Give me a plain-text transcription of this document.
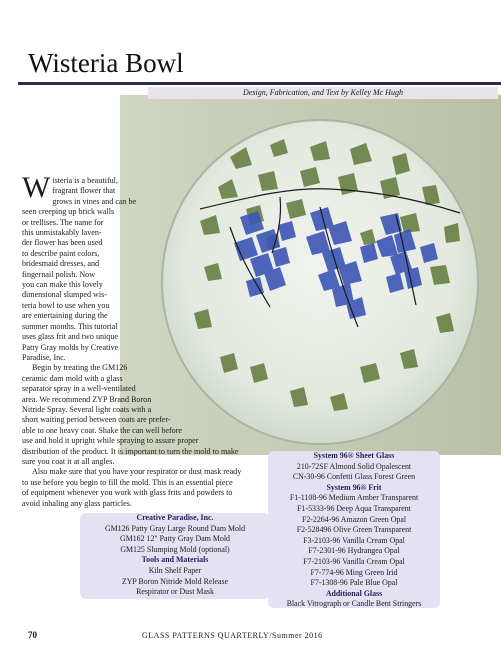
Wisteria Bowl
Design, Fabrication, and Text by Kelley Mc Hugh
W isteria is a beautiful,
fragrant flower that
grows in vines and can be
seen creeping up brick walls
or trellises. The name for
this unmistakably laven-
der flower has been used
to describe paint colors,
bridesmaid dresses, and
fingernail polish. Now
you can make this lovely
dimensional slumped wis-
teria bowl to use when you
are entertaining during the
summer months. This tutorial
uses glass frit and two unique
Patty Gray molds by Creative
Paradise, Inc.
Begin by treating the GM126
ceramic dam mold with a glass
separator spray in a well-ventilated
area. We recommend ZYP Brand Boron
Nitride Spray. Several light coats with a
short waiting period between coats are prefer-
able to one heavy coat. Shake the can well before
use and hold it upright while spraying to assure proper
distribution of the product. It is important to turn the mold to make
sure you coat it at all angles.
Also make sure that you have your respirator or dust mask ready
to use before you begin to fill the mold. This is an essential piece
of equipment whenever you work with glass frits and powders to
avoid inhaling any glass particles.
Creative Paradise, Inc.
GM126 Patty Gray Large Round Dam Mold
GM162 12" Patty Gray Dam Mold
GM125 Slumping Mold (optional)
Tools and Materials
Kiln Shelf Paper
ZYP Boron Nitride Mold Release
Respirator or Dust Mask
System 96® Sheet Glass
210-72SF Almond Solid Opalescent
CN-30-96 Confetti Glass Forest Green
System 96® Frit
F1-1108-96 Medium Amber Transparent
F1-5333-96 Deep Aqua Transparent
F2-2264-96 Amazon Green Opal
F2-528496 Olive Green Transparent
F3-2103-96 Vanilla Cream Opal
F7-2301-96 Hydrangea Opal
F7-2103-96 Vanilla Cream Opal
F7-774-96 Ming Green Irid
F7-1308-96 Pale Blue Opal
Additional Glass
Black Vitrograph or Candle Bent Stringers
70	GLASS PATTERNS QUARTERLY/Summer 2016
